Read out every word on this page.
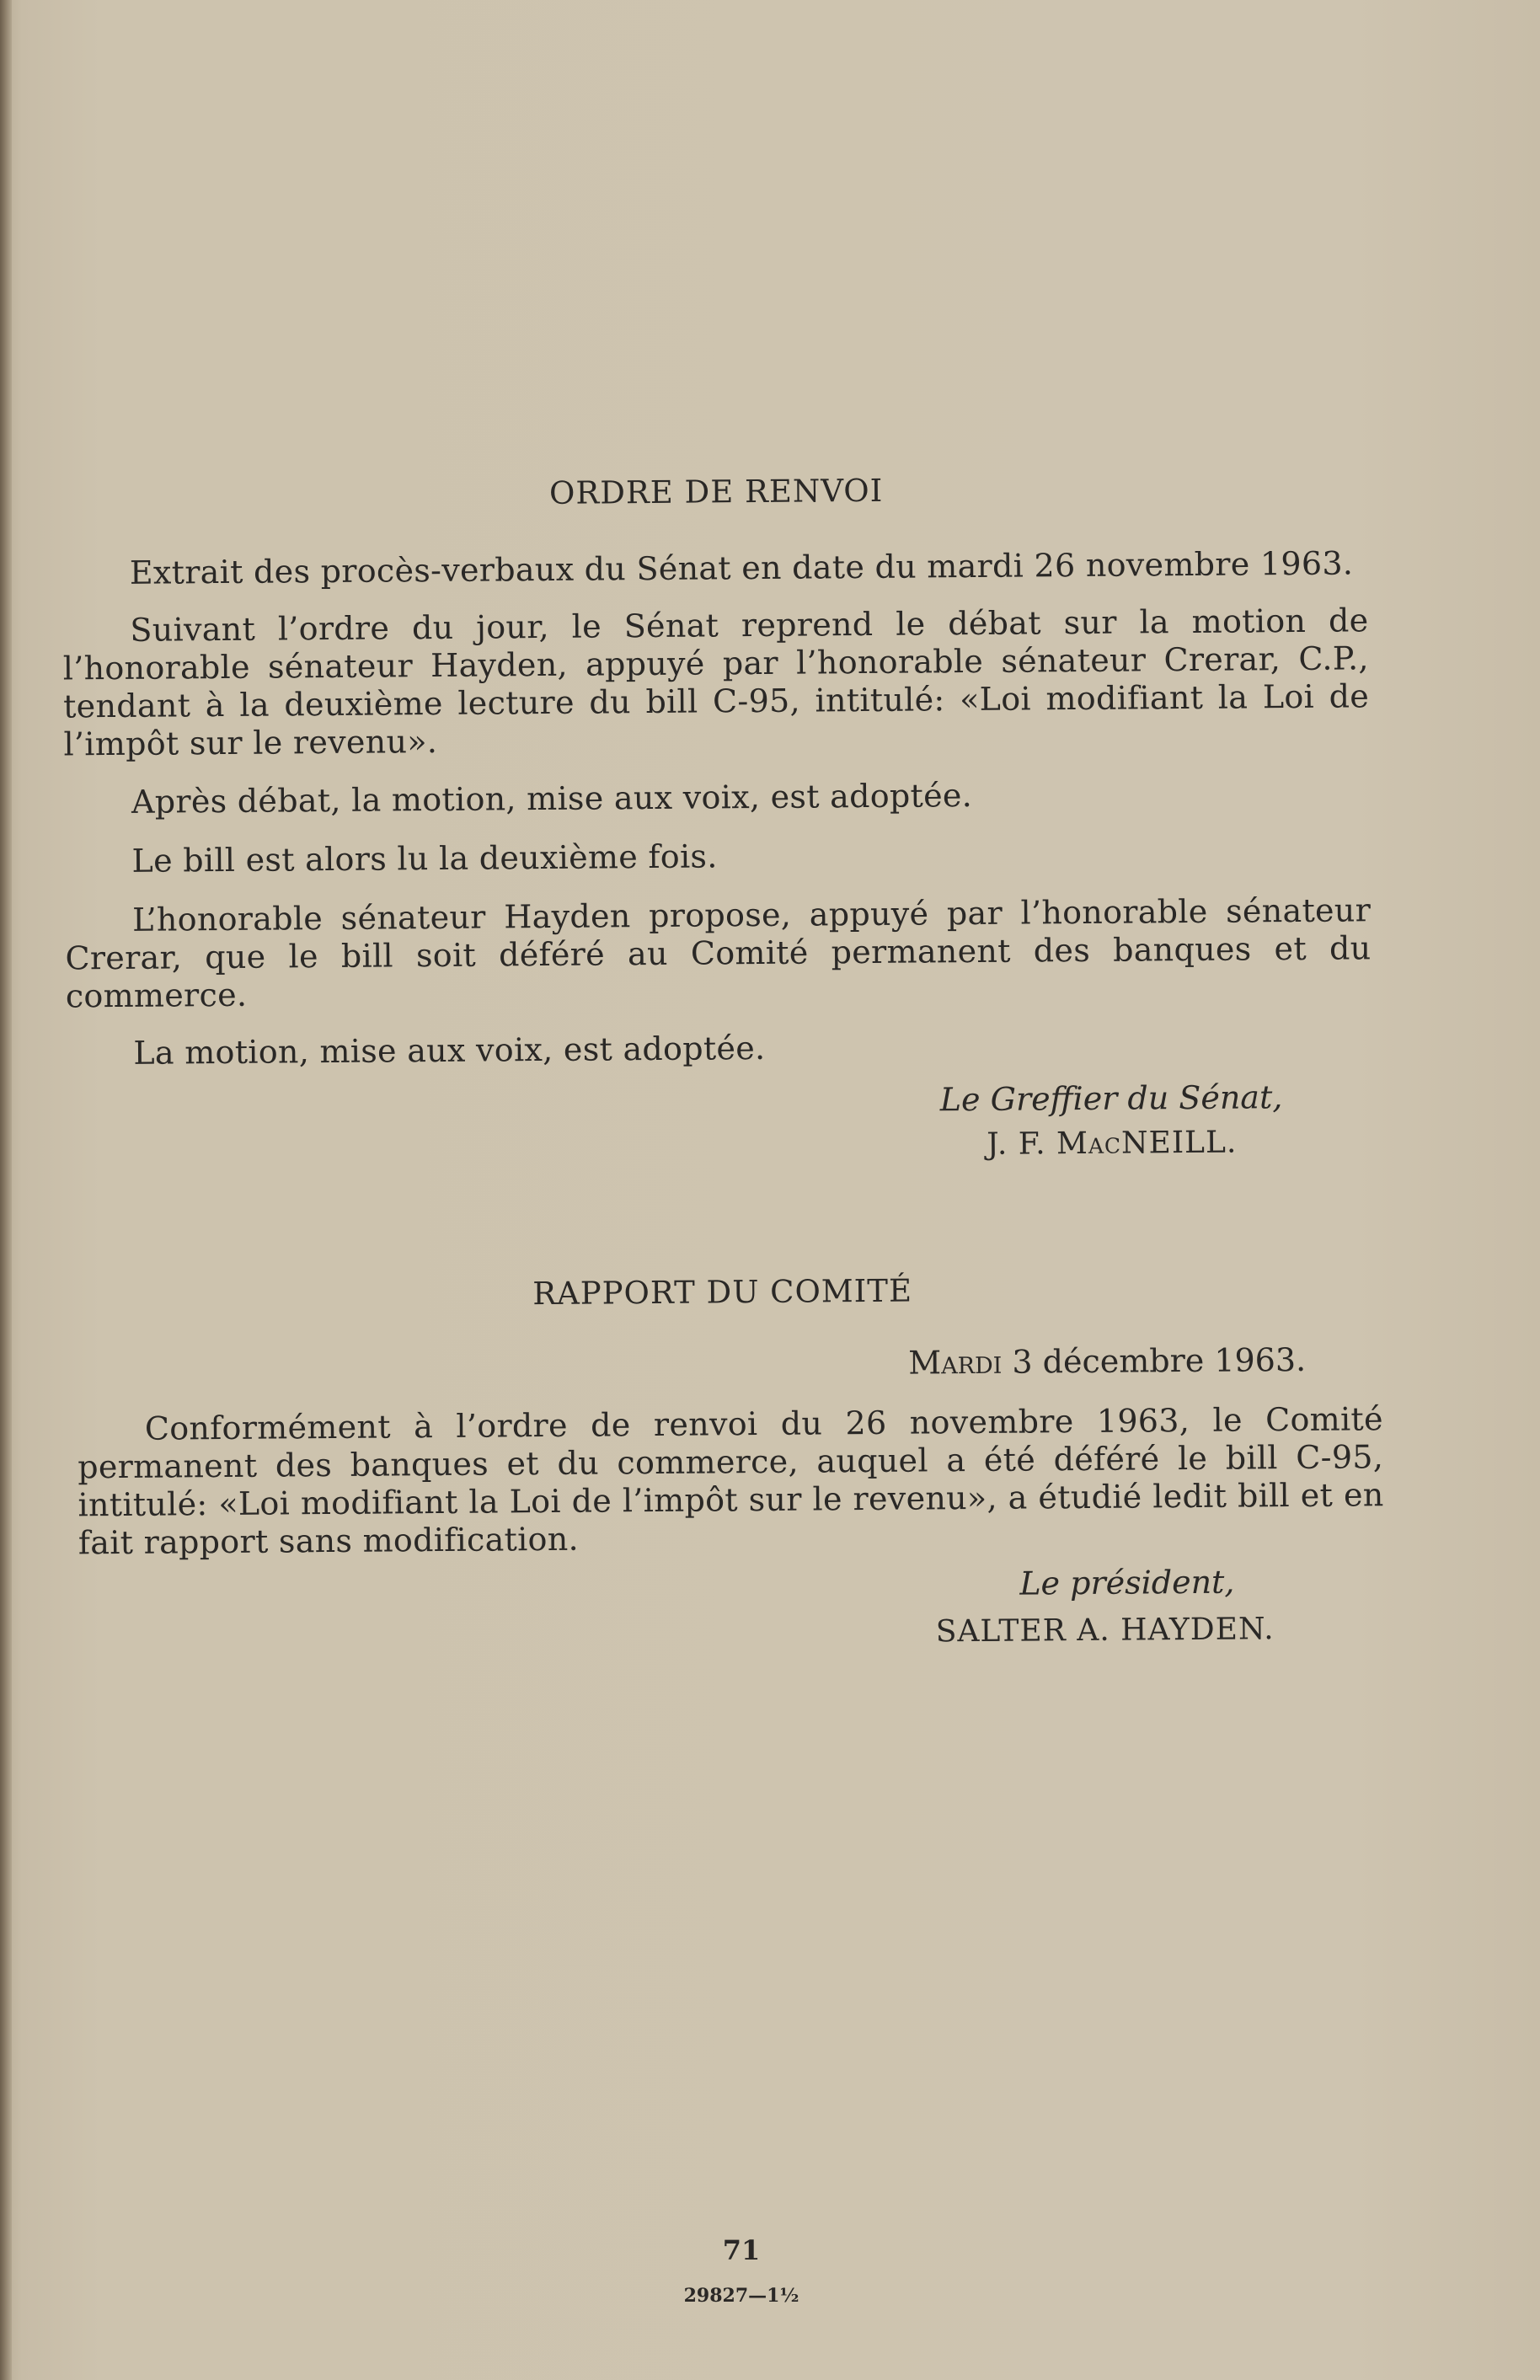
ORDRE DE RENVOI
Extrait des procès-verbaux du Sénat en date du mardi 26 novembre 1963.
Suivant l’ordre du jour, le Sénat reprend le débat sur la motion de l’honorable sénateur Hayden, appuyé par l’honorable sénateur Crerar, C.P., tendant à la deuxième lecture du bill C-95, intitulé: «Loi modifiant la Loi de l’impôt sur le revenu».
Après débat, la motion, mise aux voix, est adoptée.
Le bill est alors lu la deuxième fois.
L’honorable sénateur Hayden propose, appuyé par l’honorable sénateur Crerar, que le bill soit déféré au Comité permanent des banques et du commerce.
La motion, mise aux voix, est adoptée.
Le Greffier du Sénat,
J. F. MacNEILL.
RAPPORT DU COMITÉ
Mardi 3 décembre 1963.
Conformément à l’ordre de renvoi du 26 novembre 1963, le Comité permanent des banques et du commerce, auquel a été déféré le bill C-95, intitulé: «Loi modifiant la Loi de l’impôt sur le revenu», a étudié ledit bill et en fait rapport sans modification.
Le président,
SALTER A. HAYDEN.
71
29827—1½
